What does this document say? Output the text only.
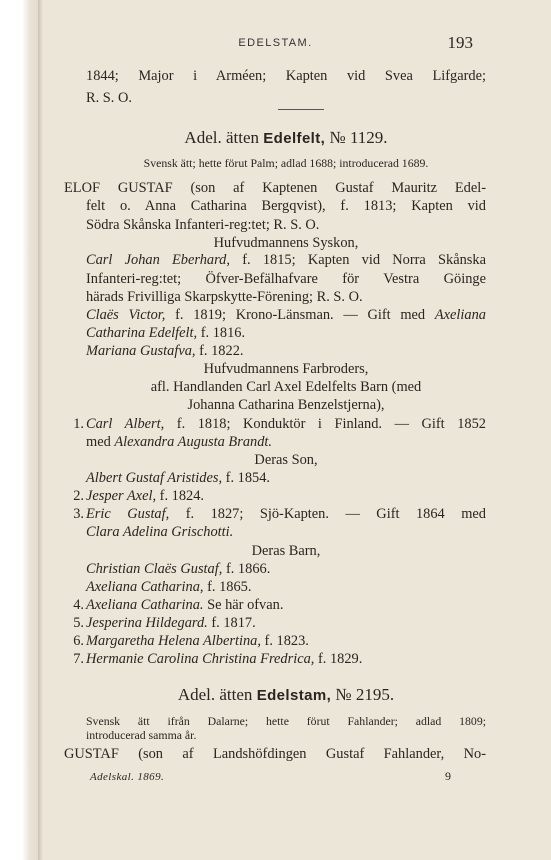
EDELSTAM.	193
1844; Major i Arméen; Kapten vid Svea Lifgarde;
R. S. O.
Adel. ätten Edelfelt, № 1129.
Svensk ätt; hette förut Palm; adlad 1688; introducerad 1689.
ELOF GUSTAF (son af Kaptenen Gustaf Mauritz Edel-
felt o. Anna Catharina Bergqvist), f. 1813; Kapten vid
Södra Skånska Infanteri-reg:tet; R. S. O.
Hufvudmannens Syskon,
Carl Johan Eberhard, f. 1815; Kapten vid Norra Skånska
Infanteri-reg:tet; Öfver-Befälhafvare för Vestra Göinge
härads Frivilliga Skarpskytte-Förening; R. S. O.
Claës Victor, f. 1819; Krono-Länsman. — Gift med Axeliana
Catharina Edelfelt, f. 1816.
Mariana Gustafva, f. 1822.
Hufvudmannens Farbroders,
afl. Handlanden Carl Axel Edelfelts Barn (med
Johanna Catharina Benzelstjerna),
1. Carl Albert, f. 1818; Konduktör i Finland. — Gift 1852
med Alexandra Augusta Brandt.
Deras Son,
Albert Gustaf Aristides, f. 1854.
2. Jesper Axel, f. 1824.
3. Eric Gustaf, f. 1827; Sjö-Kapten. — Gift 1864 med
Clara Adelina Grischotti.
Deras Barn,
Christian Claës Gustaf, f. 1866.
Axeliana Catharina, f. 1865.
4. Axeliana Catharina. Se här ofvan.
5. Jesperina Hildegard. f. 1817.
6. Margaretha Helena Albertina, f. 1823.
7. Hermanie Carolina Christina Fredrica, f. 1829.
Adel. ätten Edelstam, № 2195.
Svensk ätt ifrån Dalarne; hette förut Fahlander; adlad 1809;
introducerad samma år.
GUSTAF (son af Landshöfdingen Gustaf Fahlander, No-
Adelskal. 1869.	9
